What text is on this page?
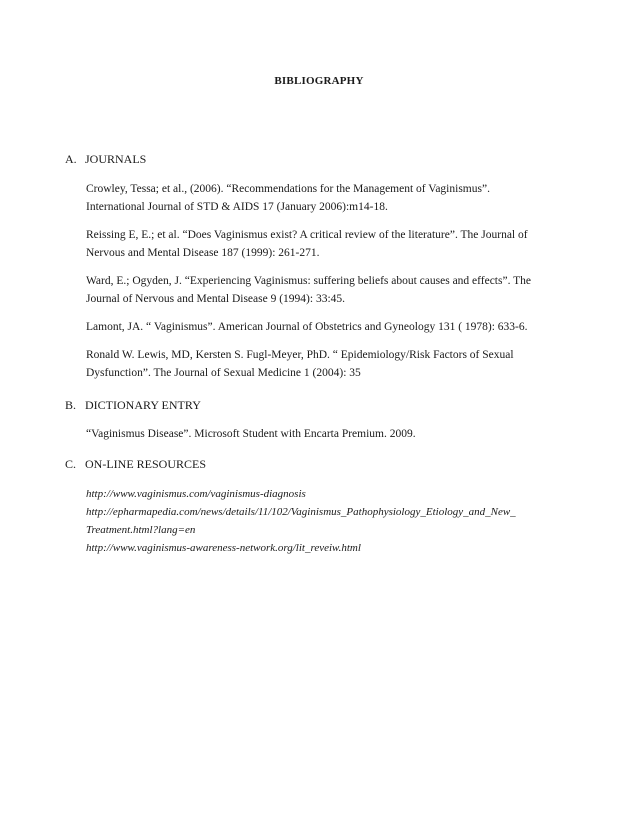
BIBLIOGRAPHY
A. JOURNALS
Crowley, Tessa; et al., (2006). “Recommendations for the Management of Vaginismus”.
International Journal of STD & AIDS 17 (January 2006):m14-18.
Reissing E, E.; et al. “Does Vaginismus exist? A critical review of the literature”. The Journal of
Nervous and Mental Disease 187 (1999): 261-271.
Ward, E.; Ogyden, J. “Experiencing Vaginismus: suffering beliefs about causes and effects”. The
Journal of Nervous and Mental Disease 9 (1994): 33:45.
Lamont, JA. “ Vaginismus”. American Journal of Obstetrics and Gyneology 131 ( 1978): 633-6.
Ronald W. Lewis, MD, Kersten S. Fugl-Meyer, PhD. “ Epidemiology/Risk Factors of Sexual
Dysfunction”. The Journal of Sexual Medicine 1 (2004): 35
B. DICTIONARY ENTRY
“Vaginismus Disease”. Microsoft Student with Encarta Premium. 2009.
C. ON-LINE RESOURCES
http://www.vaginismus.com/vaginismus-diagnosis
http://epharmapedia.com/news/details/11/102/Vaginismus_Pathophysiology_Etiology_and_New_
Treatment.html?lang=en
http://www.vaginismus-awareness-network.org/lit_reveiw.html
